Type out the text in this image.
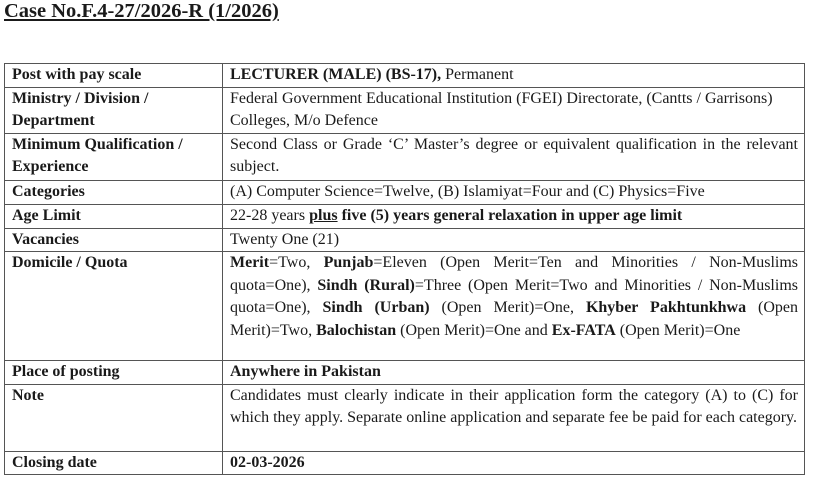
Case No.F.4-27/2026-R (1/2026)
Post with pay scale	LECTURER (MALE) (BS-17), Permanent
Ministry / Division /
Department	Federal Government Educational Institution (FGEI) Directorate, (Cantts / Garrisons) Colleges, M/o Defence
Minimum Qualification /
Experience	Second Class or Grade ‘C’ Master’s degree or equivalent qualification in the relevant subject.
Categories	(A) Computer Science=Twelve, (B) Islamiyat=Four and (C) Physics=Five
Age Limit	22-28 years plus five (5) years general relaxation in upper age limit
Vacancies	Twenty One (21)
Domicile / Quota	Merit=Two, Punjab=Eleven (Open Merit=Ten and Minorities / Non-Muslims quota=One), Sindh (Rural)=Three (Open Merit=Two and Minorities / Non-Muslims quota=One), Sindh (Urban) (Open Merit)=One, Khyber Pakhtunkhwa (Open Merit)=Two, Balochistan (Open Merit)=One and Ex-FATA (Open Merit)=One
Place of posting	Anywhere in Pakistan
Note	Candidates must clearly indicate in their application form the category (A) to (C) for which they apply. Separate online application and separate fee be paid for each category.
Closing date	02-03-2026
